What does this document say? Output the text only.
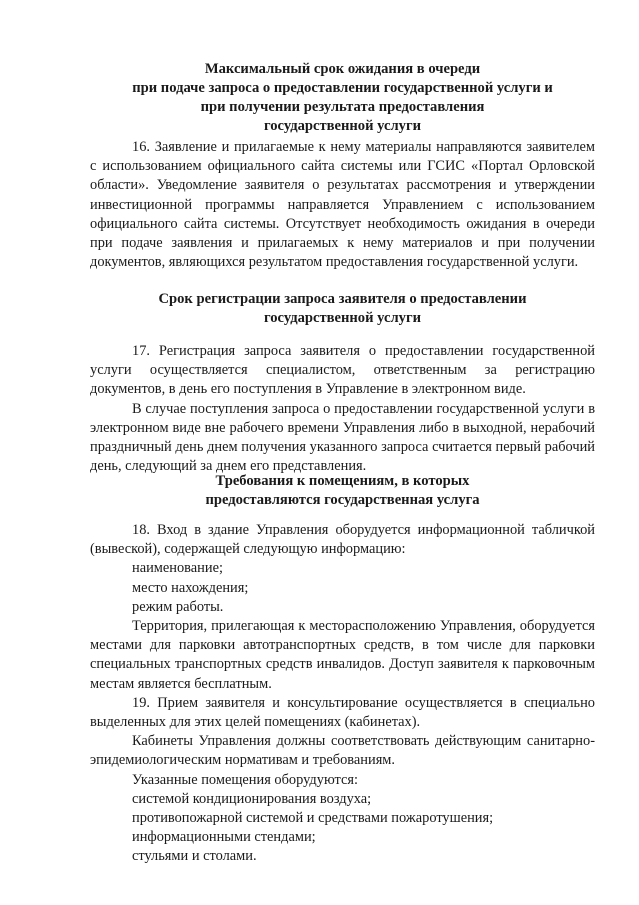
Максимальный срок ожидания в очереди
при подаче запроса о предоставлении государственной услуги и
при получении результата предоставления
государственной услуги

16. Заявление и прилагаемые к нему материалы направляются заявителем с использованием официального сайта системы или ГСИС «Портал Орловской области». Уведомление заявителя о результатах рассмотрения и утверждении инвестиционной программы направляется Управлением с использованием официального сайта системы. Отсутствует необходимость ожидания в очереди при подаче заявления и прилагаемых к нему материалов и при получении документов, являющихся результатом предоставления государственной услуги.

Срок регистрации запроса заявителя о предоставлении
государственной услуги

17. Регистрация запроса заявителя о предоставлении государственной услуги осуществляется специалистом, ответственным за регистрацию документов, в день его поступления в Управление в электронном виде.

В случае поступления запроса о предоставлении государственной услуги в электронном виде вне рабочего времени Управления либо в выходной, нерабочий праздничный день днем получения указанного запроса считается первый рабочий день, следующий за днем его представления.

Требования к помещениям, в которых
предоставляются государственная услуга

18. Вход в здание Управления оборудуется информационной табличкой (вывеской), содержащей следующую информацию:

наименование;

место нахождения;

режим работы.

Территория, прилегающая к месторасположению Управления, оборудуется местами для парковки автотранспортных средств, в том числе для парковки специальных транспортных средств инвалидов. Доступ заявителя к парковочным местам является бесплатным.

19. Прием заявителя и консультирование осуществляется в специально выделенных для этих целей помещениях (кабинетах).

Кабинеты Управления должны соответствовать действующим санитарно-эпидемиологическим нормативам и требованиям.

Указанные помещения оборудуются:

системой кондиционирования воздуха;

противопожарной системой и средствами пожаротушения;

информационными стендами;

стульями и столами.
